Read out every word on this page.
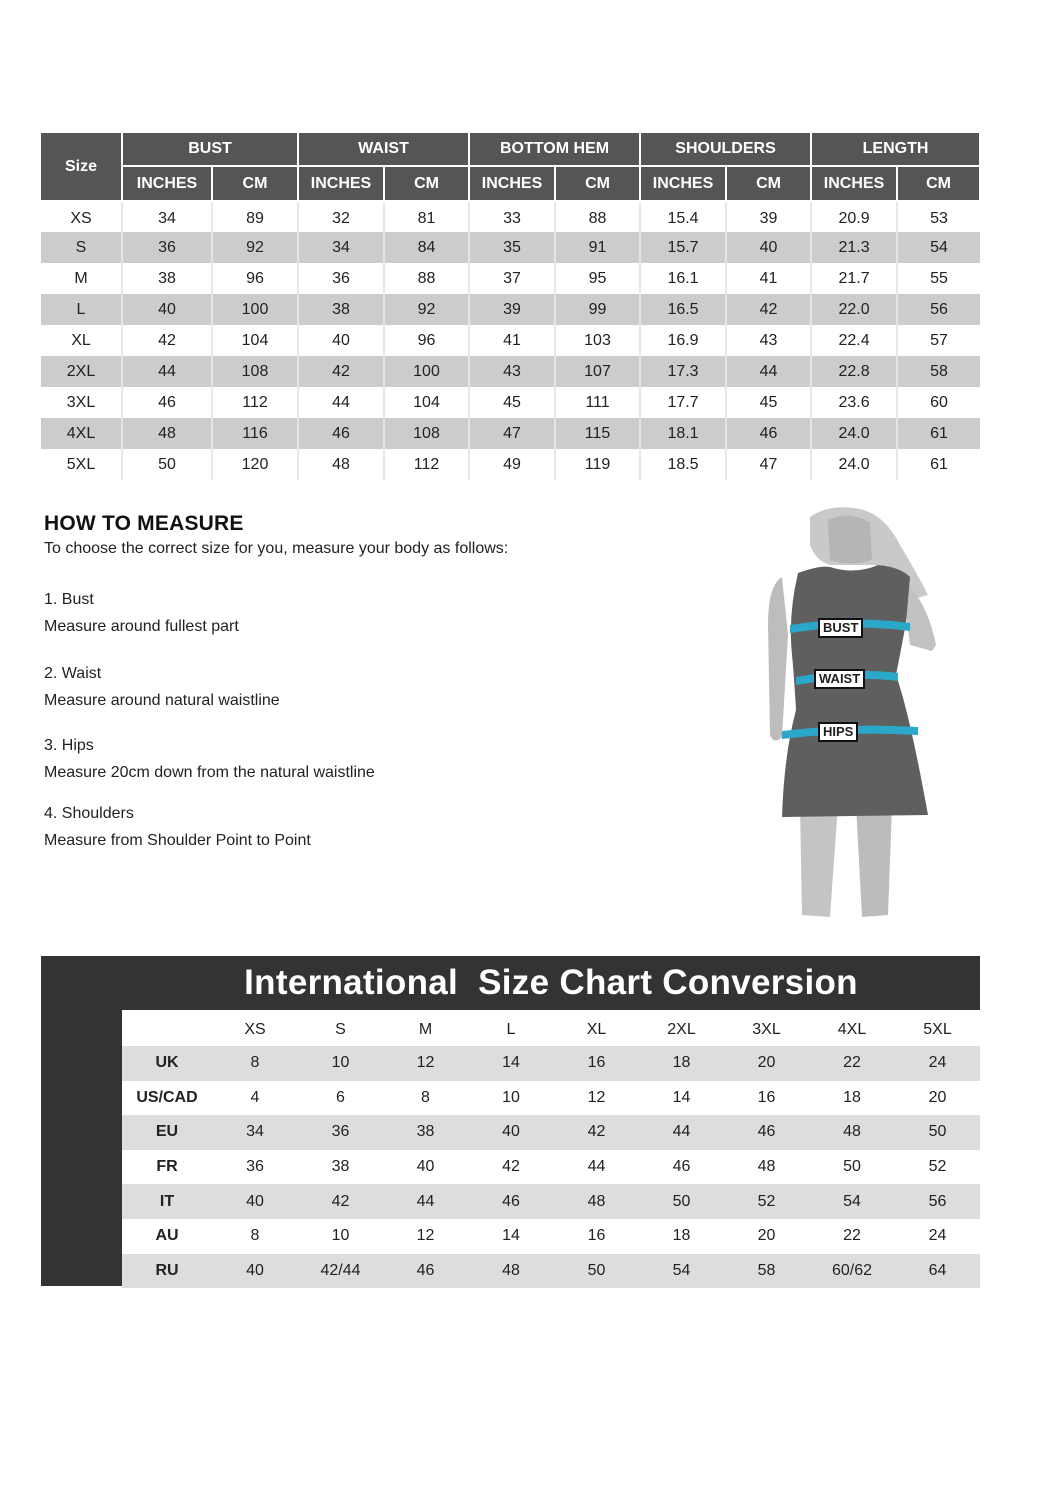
Size	BUST		WAIST		BOTTOM HEM		SHOULDERS		LENGTH	
	INCHES	CM	INCHES	CM	INCHES	CM	INCHES	CM	INCHES	CM
XS	34	89	32	81	33	88	15.4	39	20.9	53
S	36	92	34	84	35	91	15.7	40	21.3	54
M	38	96	36	88	37	95	16.1	41	21.7	55
L	40	100	38	92	39	99	16.5	42	22.0	56
XL	42	104	40	96	41	103	16.9	43	22.4	57
2XL	44	108	42	100	43	107	17.3	44	22.8	58
3XL	46	112	44	104	45	111	17.7	45	23.6	60
4XL	48	116	46	108	47	115	18.1	46	24.0	61
5XL	50	120	48	112	49	119	18.5	47	24.0	61
HOW TO MEASURE

To choose the correct size for you, measure your body as follows:

1. Bust
Measure around fullest part
2. Waist
Measure around natural waistline
3. Hips
Measure 20cm down from the natural waistline
4. Shoulders
Measure from Shoulder Point to Point
BUST
WAIST
HIPS
International  Size Chart Conversion
	XS	S	M	L	XL	2XL	3XL	4XL	5XL
UK	8	10	12	14	16	18	20	22	24
US/CAD	4	6	8	10	12	14	16	18	20
EU	34	36	38	40	42	44	46	48	50
FR	36	38	40	42	44	46	48	50	52
IT	40	42	44	46	48	50	52	54	56
AU	8	10	12	14	16	18	20	22	24
RU	40	42/44	46	48	50	54	58	60/62	64
